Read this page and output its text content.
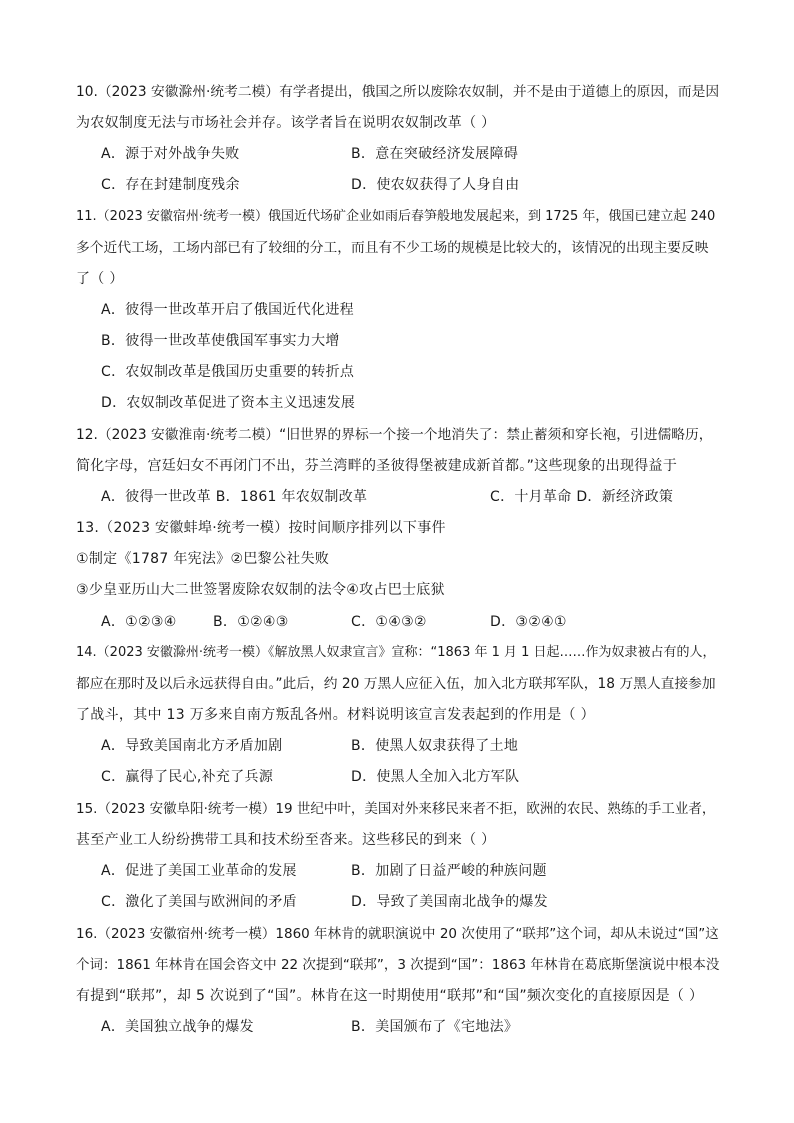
10.（2023 安徽滁州·统考二模）有学者提出，俄国之所以废除农奴制，并不是由于道德上的原因，而是因
为农奴制度无法与市场社会并存。该学者旨在说明农奴制改革（ ）
A．源于对外战争失败	B．意在突破经济发展障碍
C．存在封建制度残余	D．使农奴获得了人身自由
11.（2023 安徽宿州·统考一模）俄国近代场矿企业如雨后春笋般地发展起来，到 1725 年，俄国已建立起 240
多个近代工场，工场内部已有了较细的分工，而且有不少工场的规模是比较大的，该情况的出现主要反映
了（ ）
A．彼得一世改革开启了俄国近代化进程
B．彼得一世改革使俄国军事实力大增
C．农奴制改革是俄国历史重要的转折点
D．农奴制改革促进了资本主义迅速发展
12.（2023 安徽淮南·统考二模）“旧世界的界标一个接一个地消失了：禁止蓄须和穿长袍，引进儒略历，
简化字母，宫廷妇女不再闭门不出，芬兰湾畔的圣彼得堡被建成新首都。”这些现象的出现得益于
A．彼得一世改革 B．1861 年农奴制改革	C．十月革命 D．新经济政策
13.（2023 安徽蚌埠·统考一模）按时间顺序排列以下事件
①制定《1787 年宪法》②巴黎公社失败
③少皇亚历山大二世签署废除农奴制的法令④攻占巴士底狱
A．①②③④	B．①②④③	C．①④③②	D．③②④①
14.（2023 安徽滁州·统考一模）《解放黑人奴隶宣言》宣称：“1863 年 1 月 1 日起……作为奴隶被占有的人，
都应在那时及以后永远获得自由。”此后，约 20 万黑人应征入伍，加入北方联邦军队，18 万黑人直接参加
了战斗，其中 13 万多来自南方叛乱各州。材料说明该宣言发表起到的作用是（ ）
A．导致美国南北方矛盾加剧	B．使黑人奴隶获得了土地
C．赢得了民心,补充了兵源	D．使黑人全加入北方军队
15.（2023 安徽阜阳·统考一模）19 世纪中叶，美国对外来移民来者不拒，欧洲的农民、熟练的手工业者，
甚至产业工人纷纷携带工具和技术纷至沓来。这些移民的到来（ ）
A．促进了美国工业革命的发展	B．加剧了日益严峻的种族问题
C．激化了美国与欧洲间的矛盾	D．导致了美国南北战争的爆发
16.（2023 安徽宿州·统考一模）1860 年林肯的就职演说中 20 次使用了“联邦”这个词，却从未说过“国”这
个词：1861 年林肯在国会咨文中 22 次提到“联邦”，3 次提到“国”：1863 年林肯在葛底斯堡演说中根本没
有提到“联邦”，却 5 次说到了“国”。林肯在这一时期使用“联邦”和“国”频次变化的直接原因是（ ）
A．美国独立战争的爆发	B．美国颁布了《宅地法》
